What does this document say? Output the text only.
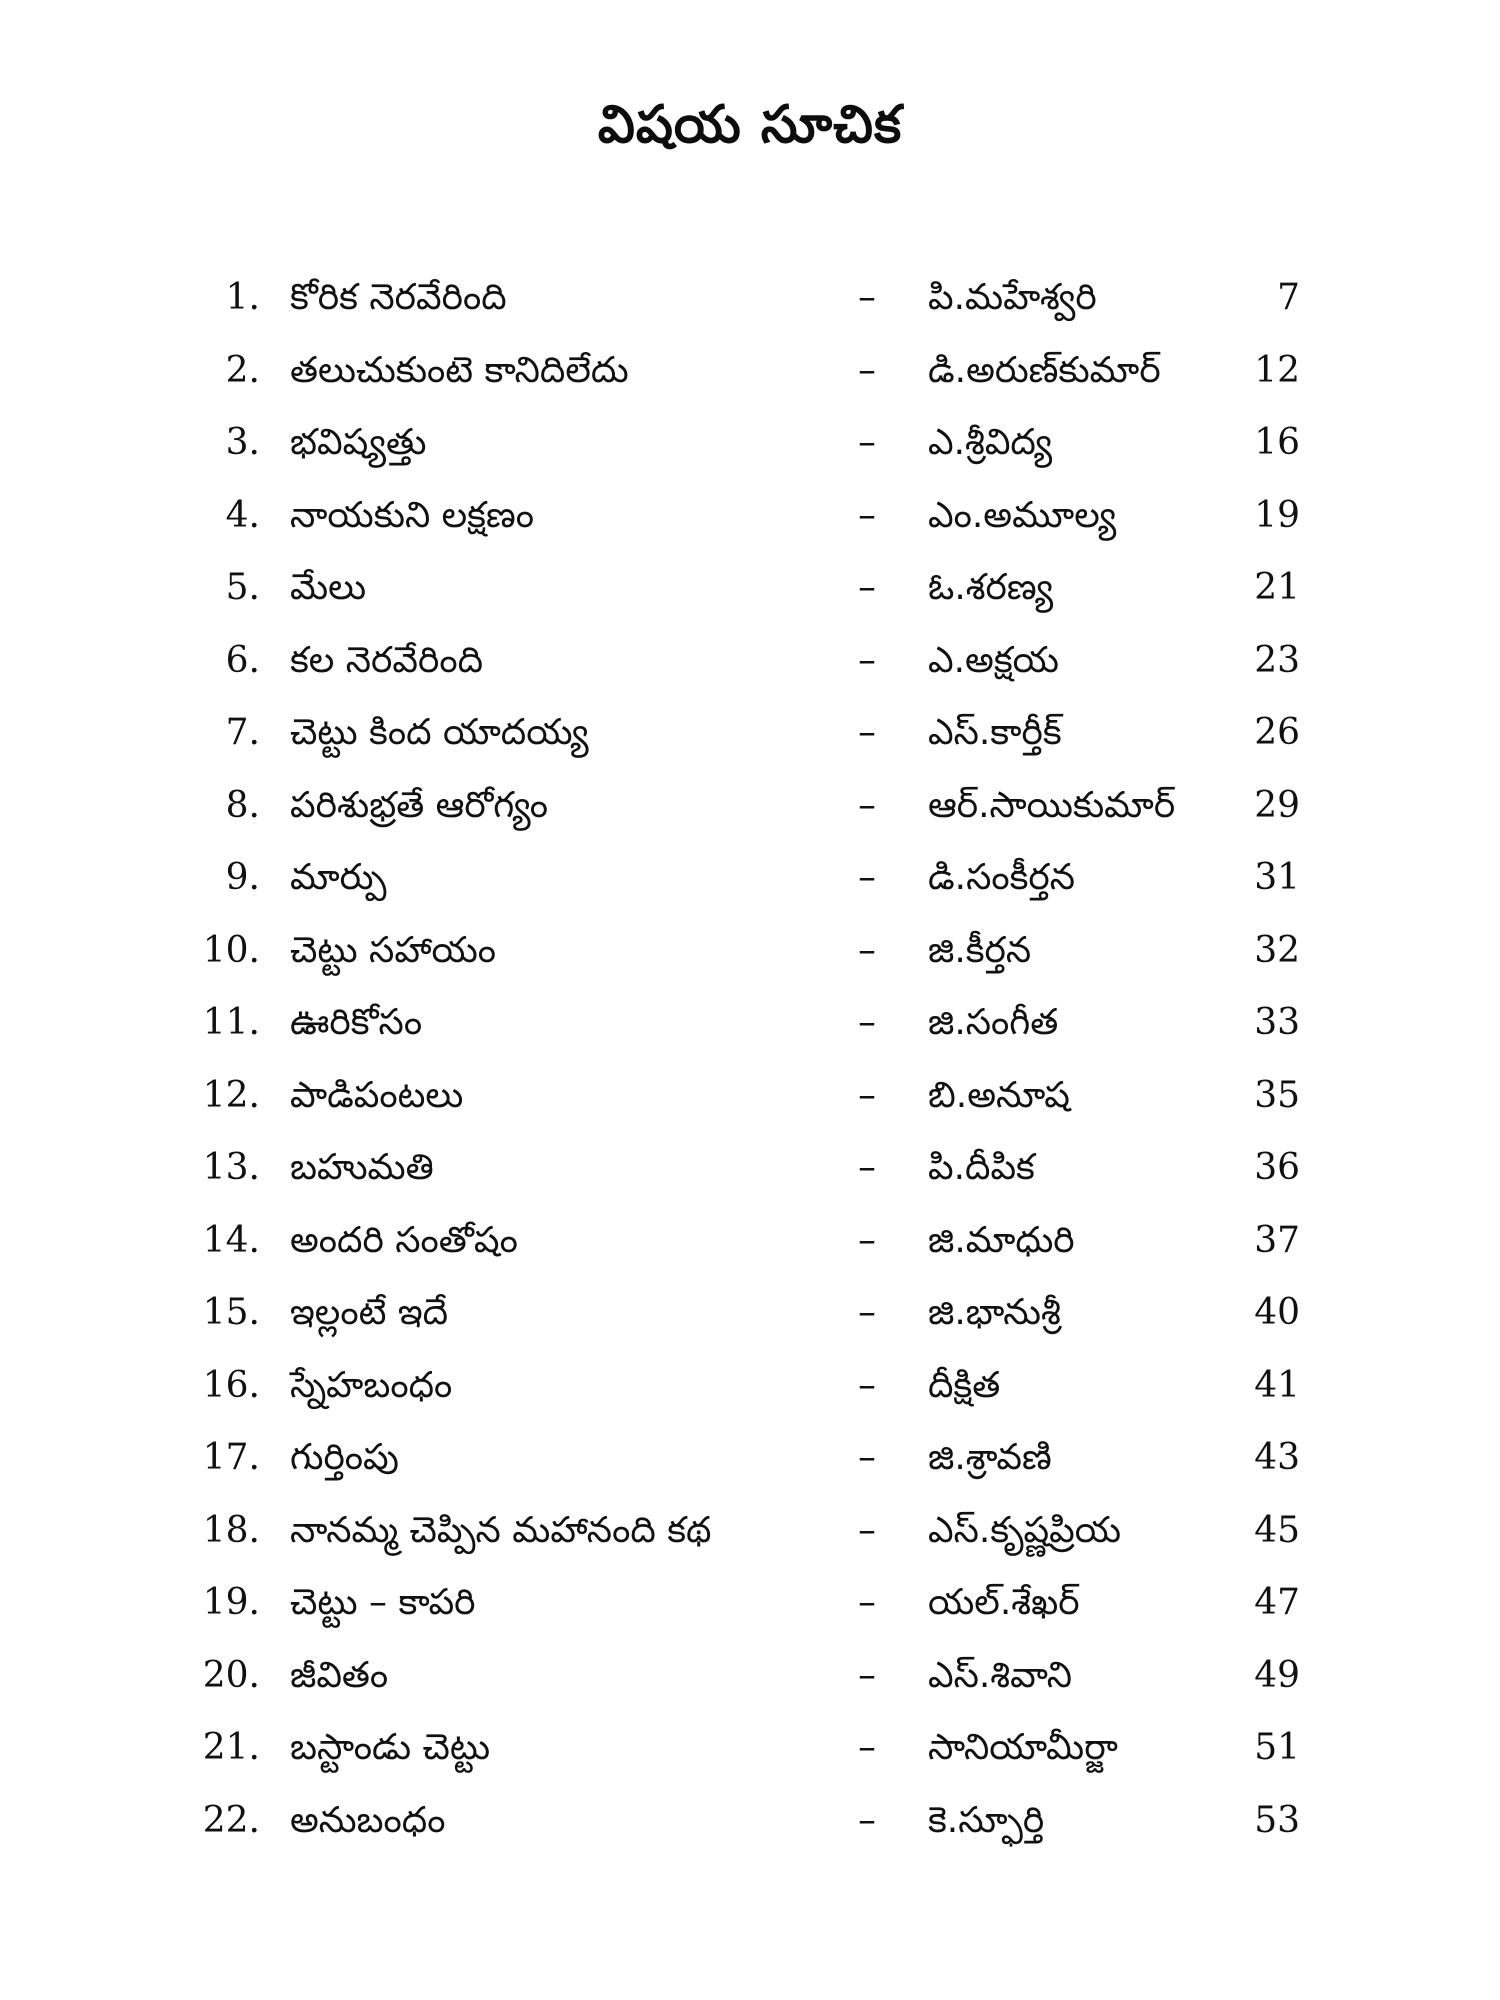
విషయ సూచిక
1. కోరిక నెరవేరింది	– పి.మహేశ్వరి	7
2. తలుచుకుంటె కానిదిలేదు	– డి.అరుణ్‌కుమార్	12
3. భవిష్యత్తు	– ఎ.శ్రీవిద్య	16
4. నాయకుని లక్షణం	– ఎం.అమూల్య	19
5. మేలు	– ఓ.శరణ్య	21
6. కల నెరవేరింది	– ఎ.అక్షయ	23
7. చెట్టు కింద యాదయ్య	– ఎస్.కార్తీక్	26
8. పరిశుభ్రతే ఆరోగ్యం	– ఆర్.సాయికుమార్	29
9. మార్పు	– డి.సంకీర్తన	31
10. చెట్టు సహాయం	– జి.కీర్తన	32
11. ఊరికోసం	– జి.సంగీత	33
12. పాడిపంటలు	– బి.అనూష	35
13. బహుమతి	– పి.దీపిక	36
14. అందరి సంతోషం	– జి.మాధురి	37
15. ఇల్లంటే ఇదే	– జి.భానుశ్రీ	40
16. స్నేహబంధం	– దీక్షిత	41
17. గుర్తింపు	– జి.శ్రావణి	43
18. నానమ్మ చెప్పిన మహానంది కథ	– ఎస్.కృష్ణప్రియ	45
19. చెట్టు – కాపరి	– యల్.శేఖర్	47
20. జీవితం	– ఎస్.శివాని	49
21. బస్టాండు చెట్టు	– సానియామీర్జా	51
22. అనుబంధం	– కె.స్ఫూర్తి	53
